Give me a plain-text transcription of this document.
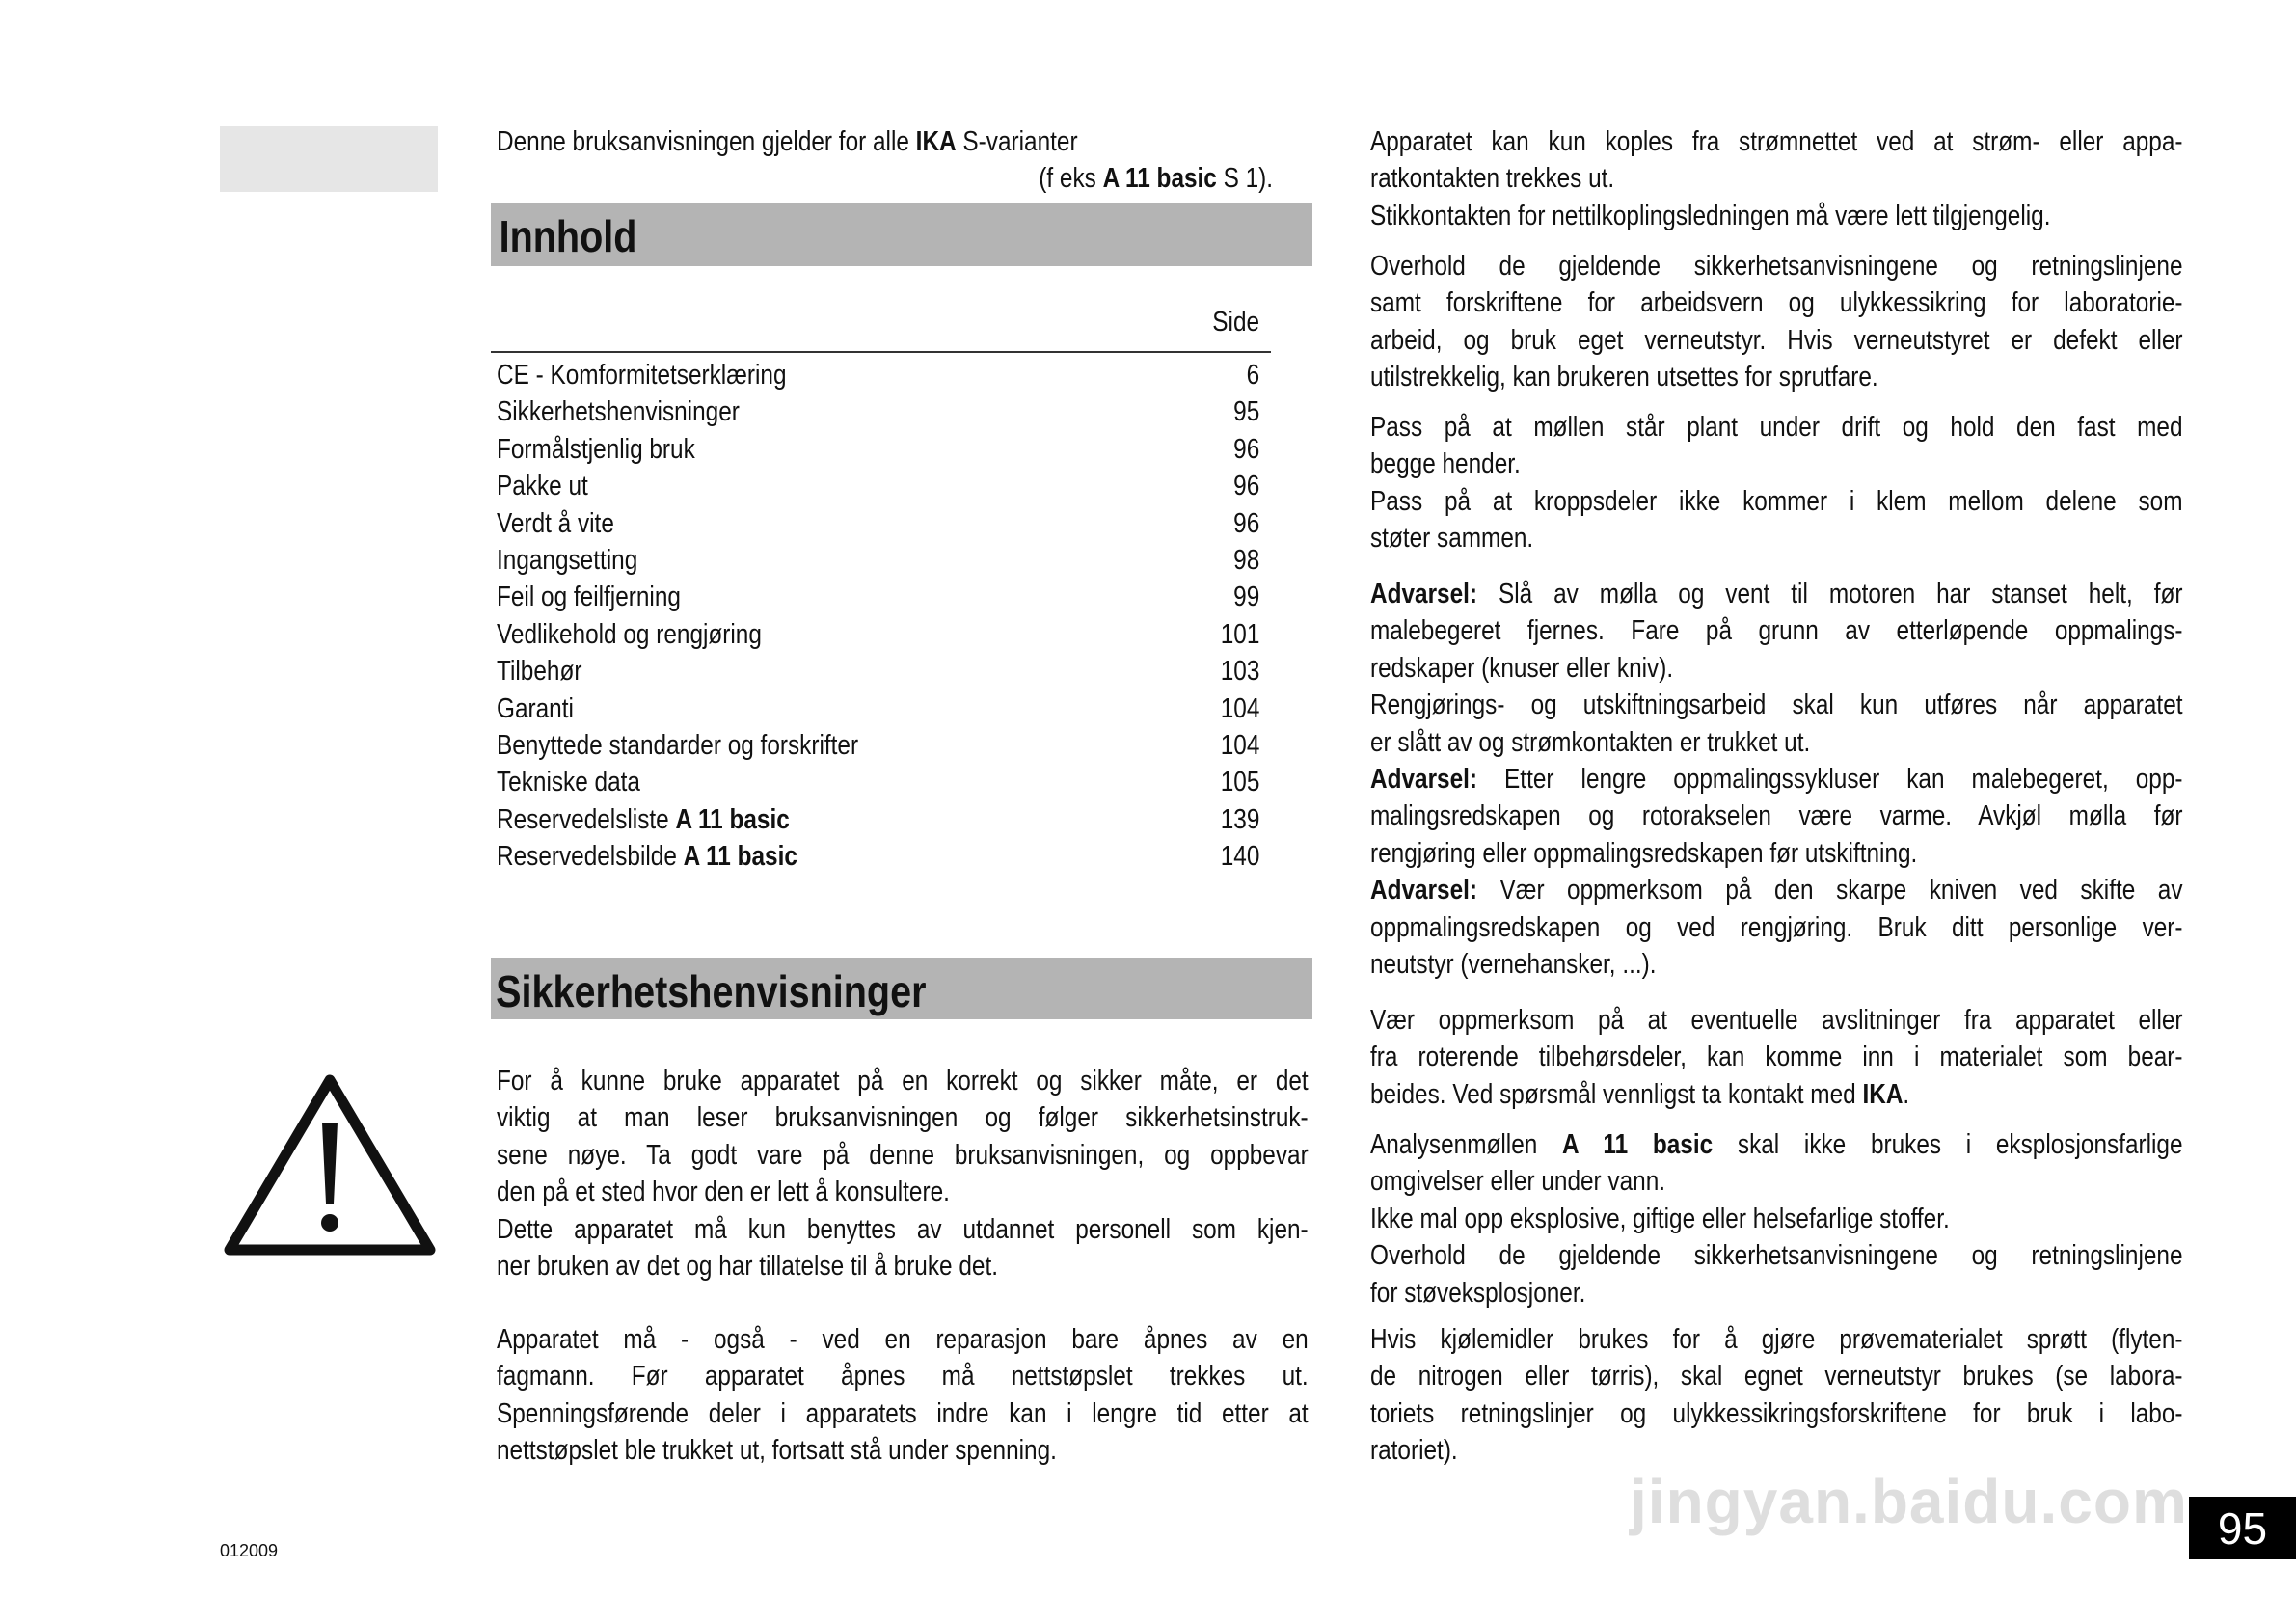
Denne bruksanvisningen gjelder for alle IKA S-varianter
(f eks A 11 basic S 1).
Innhold
Side
CE - Komformitetserklæring	6
Sikkerhetshenvisninger	95
Formålstjenlig bruk	96
Pakke ut	96
Verdt å vite	96
Ingangsetting	98
Feil og feilfjerning	99
Vedlikehold og rengjøring	101
Tilbehør	103
Garanti	104
Benyttede standarder og forskrifter	104
Tekniske data	105
Reservedelsliste A 11 basic	139
Reservedelsbilde A 11 basic	140
Sikkerhetshenvisninger
For å kunne bruke apparatet på en korrekt og sikker måte, er det
viktig at man leser bruksanvisningen og følger sikkerhetsinstruk-
sene nøye. Ta godt vare på denne bruksanvisningen, og oppbevar
den på et sted hvor den er lett å konsultere.
Dette apparatet må kun benyttes av utdannet personell som kjen-
ner bruken av det og har tillatelse til å bruke det.
Apparatet må - også - ved en reparasjon bare åpnes av en
fagmann. Før apparatet åpnes må nettstøpslet trekkes ut.
Spenningsførende deler i apparatets indre kan i lengre tid etter at
nettstøpslet ble trukket ut, fortsatt stå under spenning.
Apparatet kan kun koples fra strømnettet ved at strøm- eller appa-
ratkontakten trekkes ut.
Stikkontakten for nettilkoplingsledningen må være lett tilgjengelig.
Overhold de gjeldende sikkerhetsanvisningene og retningslinjene
samt forskriftene for arbeidsvern og ulykkessikring for laboratorie-
arbeid, og bruk eget verneutstyr. Hvis verneutstyret er defekt eller
utilstrekkelig, kan brukeren utsettes for sprutfare.
Pass på at møllen står plant under drift og hold den fast med
begge hender.
Pass på at kroppsdeler ikke kommer i klem mellom delene som
støter sammen.
Advarsel: Slå av mølla og vent til motoren har stanset helt, før
malebegeret fjernes. Fare på grunn av etterløpende oppmalings-
redskaper (knuser eller kniv).
Rengjørings- og utskiftningsarbeid skal kun utføres når apparatet
er slått av og strømkontakten er trukket ut.
Advarsel: Etter lengre oppmalingssykluser kan malebegeret, opp-
malingsredskapen og rotorakselen være varme. Avkjøl mølla før
rengjøring eller oppmalingsredskapen før utskiftning.
Advarsel: Vær oppmerksom på den skarpe kniven ved skifte av
oppmalingsredskapen og ved rengjøring. Bruk ditt personlige ver-
neutstyr (vernehansker, ...).
Vær oppmerksom på at eventuelle avslitninger fra apparatet eller
fra roterende tilbehørsdeler, kan komme inn i materialet som bear-
beides. Ved spørsmål vennligst ta kontakt med IKA.
Analysenmøllen A 11 basic skal ikke brukes i eksplosjonsfarlige
omgivelser eller under vann.
Ikke mal opp eksplosive, giftige eller helsefarlige stoffer.
Overhold de gjeldende sikkerhetsanvisningene og retningslinjene
for støveksplosjoner.
Hvis kjølemidler brukes for å gjøre prøvematerialet sprøtt (flyten-
de nitrogen eller tørris), skal egnet verneutstyr brukes (se labora-
toriets retningslinjer og ulykkessikringsforskriftene for bruk i labo-
ratoriet).
jingyan.baidu.com
012009	95
